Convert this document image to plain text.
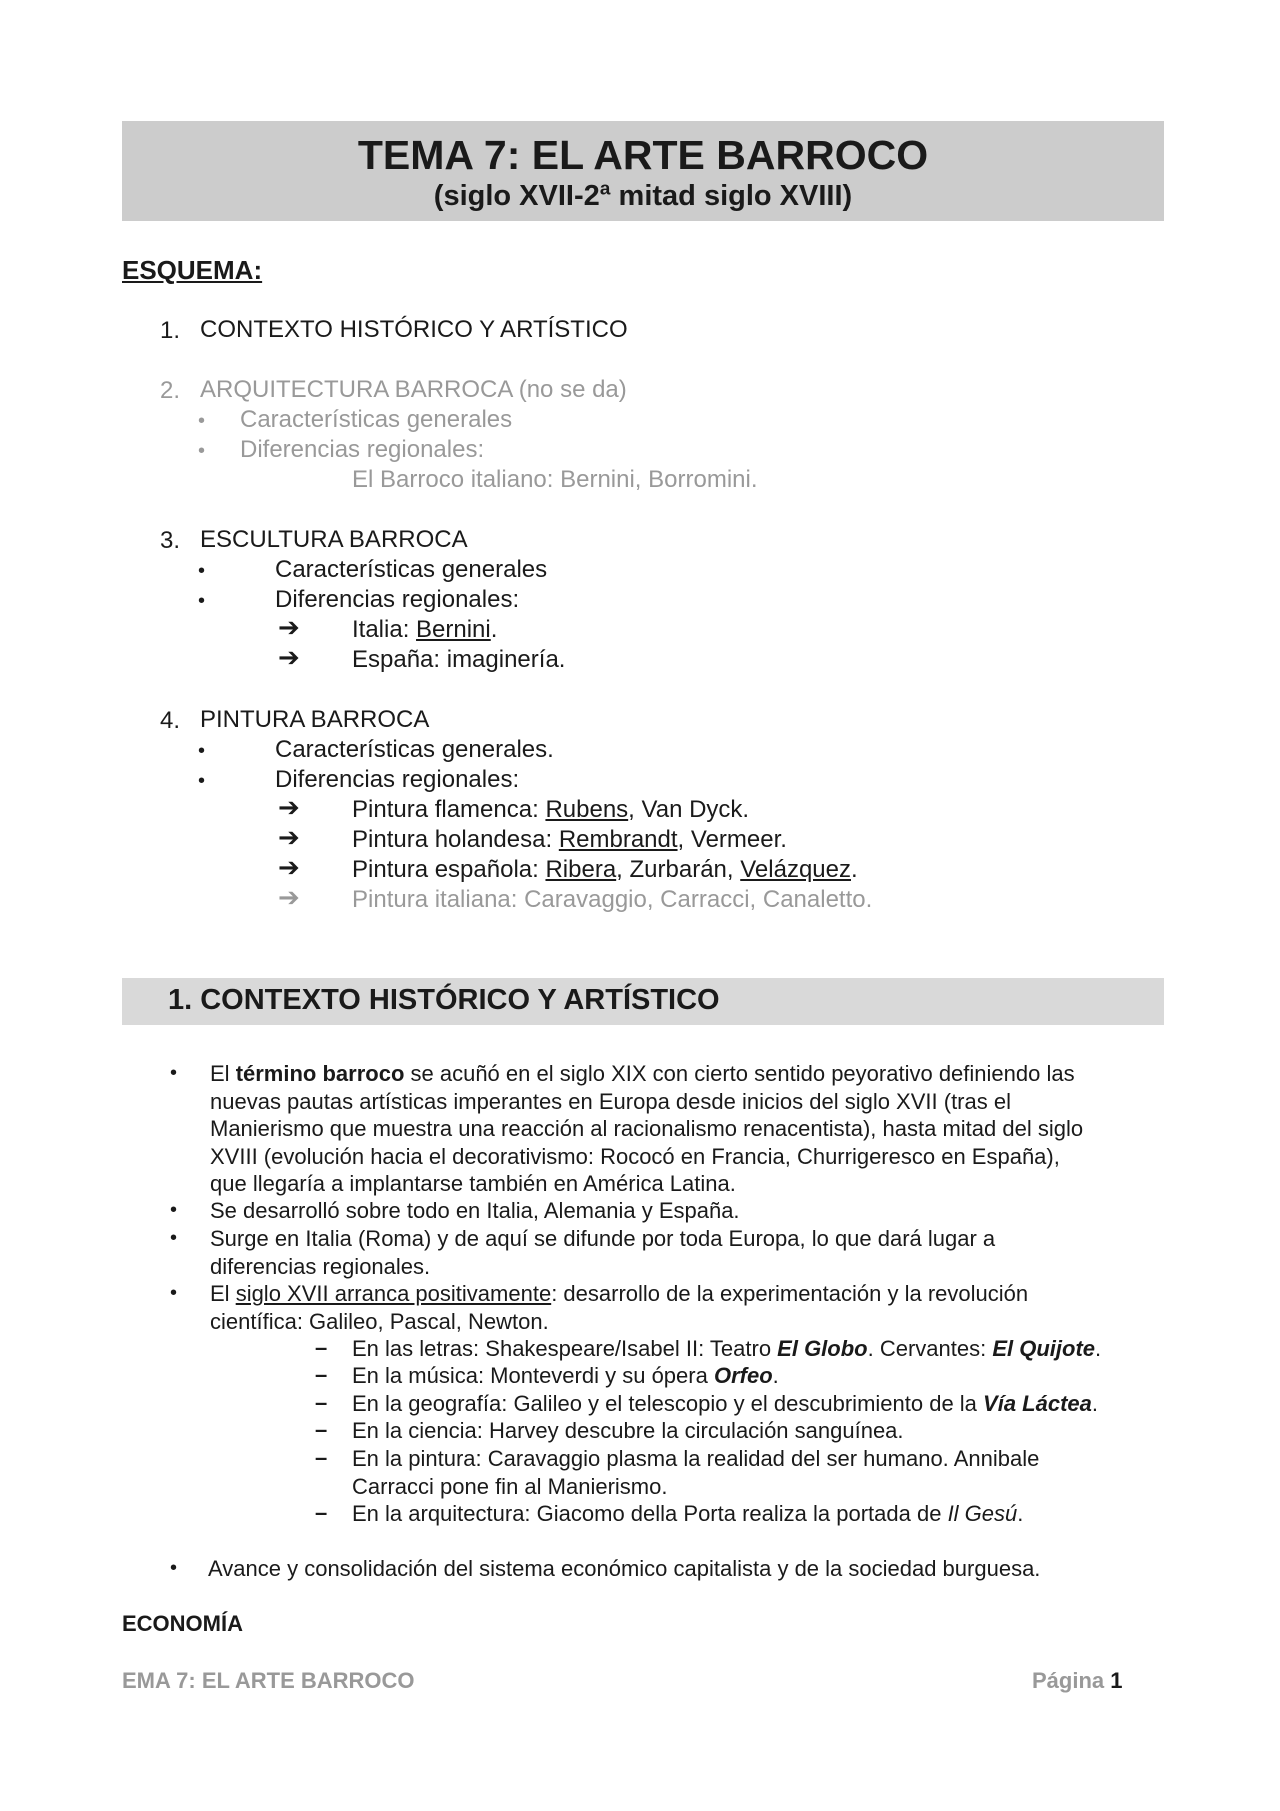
TEMA 7: EL ARTE BARROCO
(siglo XVII-2ª mitad siglo XVIII)
ESQUEMA:
1. CONTEXTO HISTÓRICO Y ARTÍSTICO
2. ARQUITECTURA BARROCA (no se da)
• Características generales
• Diferencias regionales:
El Barroco italiano: Bernini, Borromini.
3. ESCULTURA BARROCA
•	Características generales
•	Diferencias regionales:
➔ Italia: Bernini.
➔ España: imaginería.
4. PINTURA BARROCA
•	Características generales.
•	Diferencias regionales:
➔ Pintura flamenca: Rubens, Van Dyck.
➔ Pintura holandesa: Rembrandt, Vermeer.
➔ Pintura española: Ribera, Zurbarán, Velázquez.
➔ Pintura italiana: Caravaggio, Carracci, Canaletto.
1. CONTEXTO HISTÓRICO Y ARTÍSTICO
• El término barroco se acuñó en el siglo XIX con cierto sentido peyorativo definiendo las
nuevas pautas artísticas imperantes en Europa desde inicios del siglo XVII (tras el
Manierismo que muestra una reacción al racionalismo renacentista), hasta mitad del siglo
XVIII (evolución hacia el decorativismo: Rococó en Francia, Churrigeresco en España),
que llegaría a implantarse también en América Latina.
• Se desarrolló sobre todo en Italia, Alemania y España.
• Surge en Italia (Roma) y de aquí se difunde por toda Europa, lo que dará lugar a
diferencias regionales.
• El siglo XVII arranca positivamente: desarrollo de la experimentación y la revolución
científica: Galileo, Pascal, Newton.
– En las letras: Shakespeare/Isabel II: Teatro El Globo. Cervantes: El Quijote.
– En la música: Monteverdi y su ópera Orfeo.
– En la geografía: Galileo y el telescopio y el descubrimiento de la Vía Láctea.
– En la ciencia: Harvey descubre la circulación sanguínea.
– En la pintura: Caravaggio plasma la realidad del ser humano. Annibale
Carracci pone fin al Manierismo.
– En la arquitectura: Giacomo della Porta realiza la portada de Il Gesú.
• Avance y consolidación del sistema económico capitalista y de la sociedad burguesa.
ECONOMÍA
EMA 7: EL ARTE BARROCO	Página 1
